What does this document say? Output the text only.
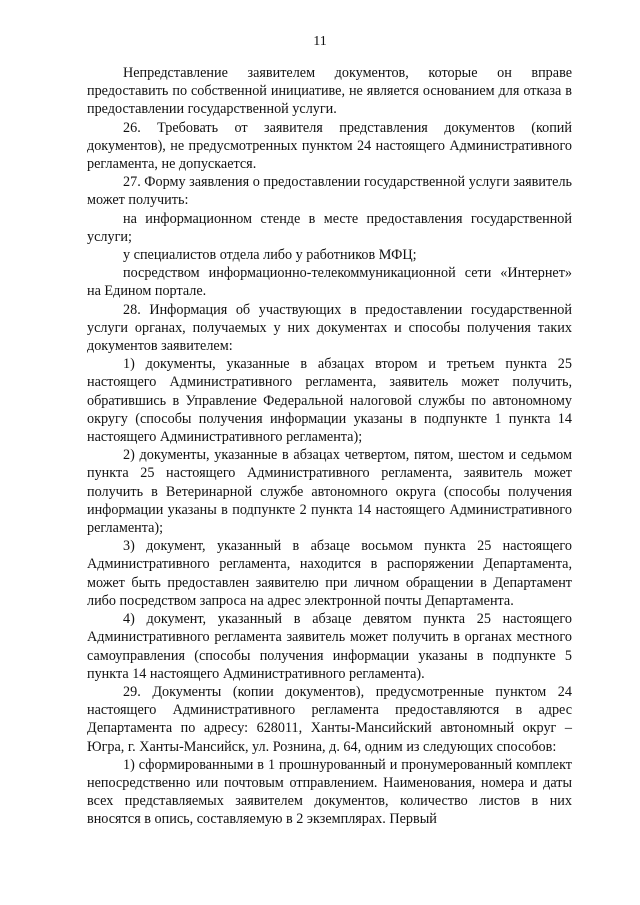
11

Непредставление заявителем документов, которые он вправе предоставить по собственной инициативе, не является основанием для отказа в предоставлении государственной услуги.

26. Требовать от заявителя представления документов (копий документов), не предусмотренных пунктом 24 настоящего Административного регламента, не допускается.

27. Форму заявления о предоставлении государственной услуги заявитель может получить:

на информационном стенде в месте предоставления государственной услуги;

у специалистов отдела либо у работников МФЦ;

посредством информационно-телекоммуникационной сети «Интернет» на Едином портале.

28. Информация об участвующих в предоставлении государственной услуги органах, получаемых у них документах и способы получения таких документов заявителем:

1) документы, указанные в абзацах втором и третьем пункта 25 настоящего Административного регламента, заявитель может получить, обратившись в Управление Федеральной налоговой службы по автономному округу (способы получения информации указаны в подпункте 1 пункта 14 настоящего Административного регламента);

2) документы, указанные в абзацах четвертом, пятом, шестом и седьмом пункта 25 настоящего Административного регламента, заявитель может получить в Ветеринарной службе автономного округа (способы получения информации указаны в подпункте 2 пункта 14 настоящего Административного регламента);

3) документ, указанный в абзаце восьмом пункта 25 настоящего Административного регламента, находится в распоряжении Департамента, может быть предоставлен заявителю при личном обращении в Департамент либо посредством запроса на адрес электронной почты Департамента.

4) документ, указанный в абзаце девятом пункта 25 настоящего Административного регламента заявитель может получить в органах местного самоуправления (способы получения информации указаны в подпункте 5 пункта 14 настоящего Административного регламента).

29. Документы (копии документов), предусмотренные пунктом 24 настоящего Административного регламента предоставляются в адрес Департамента по адресу: 628011, Ханты-Мансийский автономный округ – Югра, г. Ханты-Мансийск, ул. Рознина, д. 64, одним из следующих способов:

1) сформированными в 1 прошнурованный и пронумерованный комплект непосредственно или почтовым отправлением. Наименования, номера и даты всех представляемых заявителем документов, количество листов в них вносятся в опись, составляемую в 2 экземплярах. Первый
